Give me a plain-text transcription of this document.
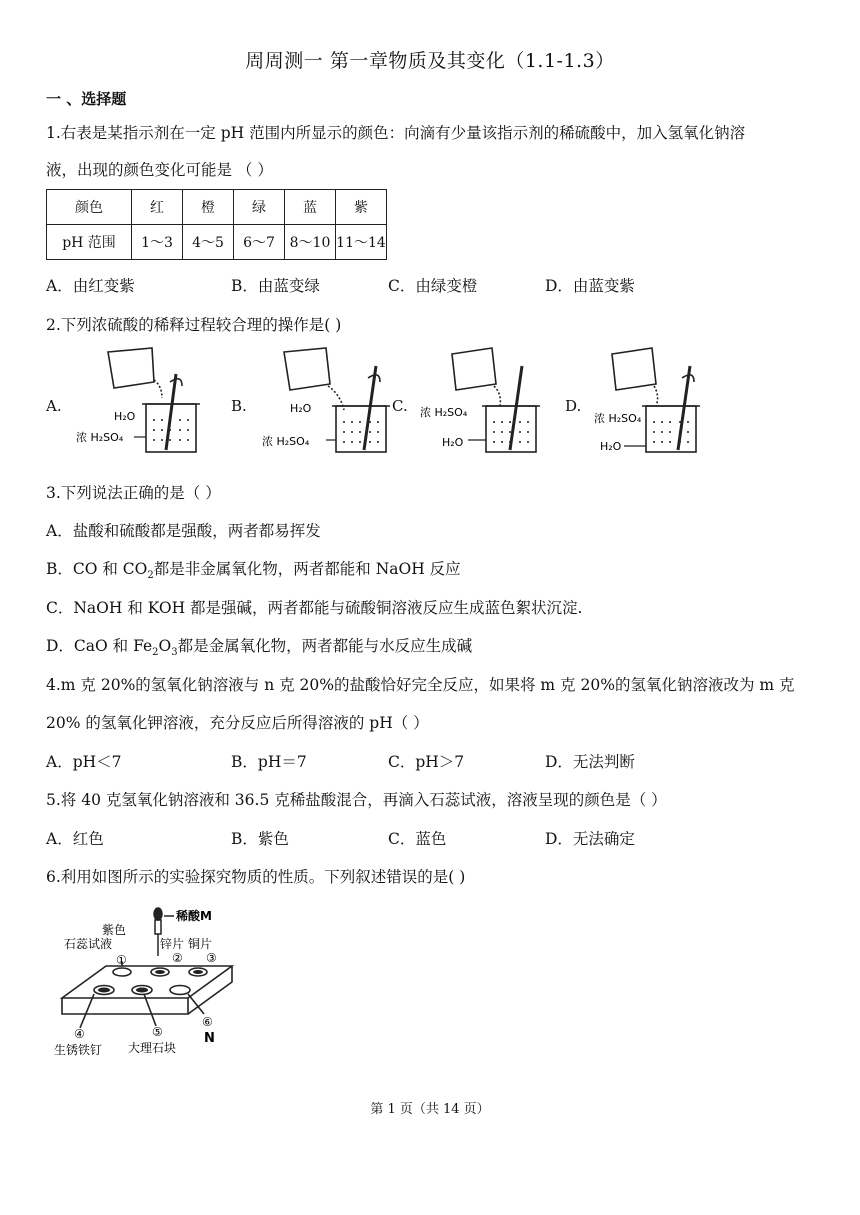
周周测一 第一章物质及其变化（1.1-1.3）
一 、选择题
1.右表是某指示剂在一定 pH 范围内所显示的颜色：向滴有少量该指示剂的稀硫酸中，加入氢氧化钠溶
液，出现的颜色变化可能是 （ ）
颜色	红	橙	绿	蓝	紫
pH 范围	1～3	4～5	6～7	8～10	11～14
A．由红变紫	B．由蓝变绿	C．由绿变橙	D．由蓝变紫
2.下列浓硫酸的稀释过程较合理的操作是( )
A.	B.	C.	D.
H₂O
浓 H₂SO₄
H₂O
浓 H₂SO₄
浓 H₂SO₄
H₂O
浓 H₂SO₄
H₂O
3.下列说法正确的是（ ）
A．盐酸和硫酸都是强酸，两者都易挥发
B．CO 和 $CO_2$都是非金属氧化物，两者都能和 NaOH 反应
C．NaOH 和 KOH 都是强碱，两者都能与硫酸铜溶液反应生成蓝色絮状沉淀.
D．CaO 和 $Fe_2O_3$都是金属氧化物，两者都能与水反应生成碱
4.m 克 20%的氢氧化钠溶液与 n 克 20%的盐酸恰好完全反应，如果将 m 克 20%的氢氧化钠溶液改为 m 克
20% 的氢氧化钾溶液，充分反应后所得溶液的 pH（ ）
A．pH＜7	B．pH＝7	C．pH＞7	D．无法判断
5.将 40 克氢氧化钠溶液和 36.5 克稀盐酸混合，再滴入石蕊试液，溶液呈现的颜色是（ ）
A．红色	B．紫色	C．蓝色	D．无法确定
6.利用如图所示的实验探究物质的性质。下列叙述错误的是( )
紫色
稀酸M
石蕊试液	锌片 铜片
①	② ③
④	⑤
⑥
生锈铁钉 大理石块
N
第 1 页（共 14 页）
